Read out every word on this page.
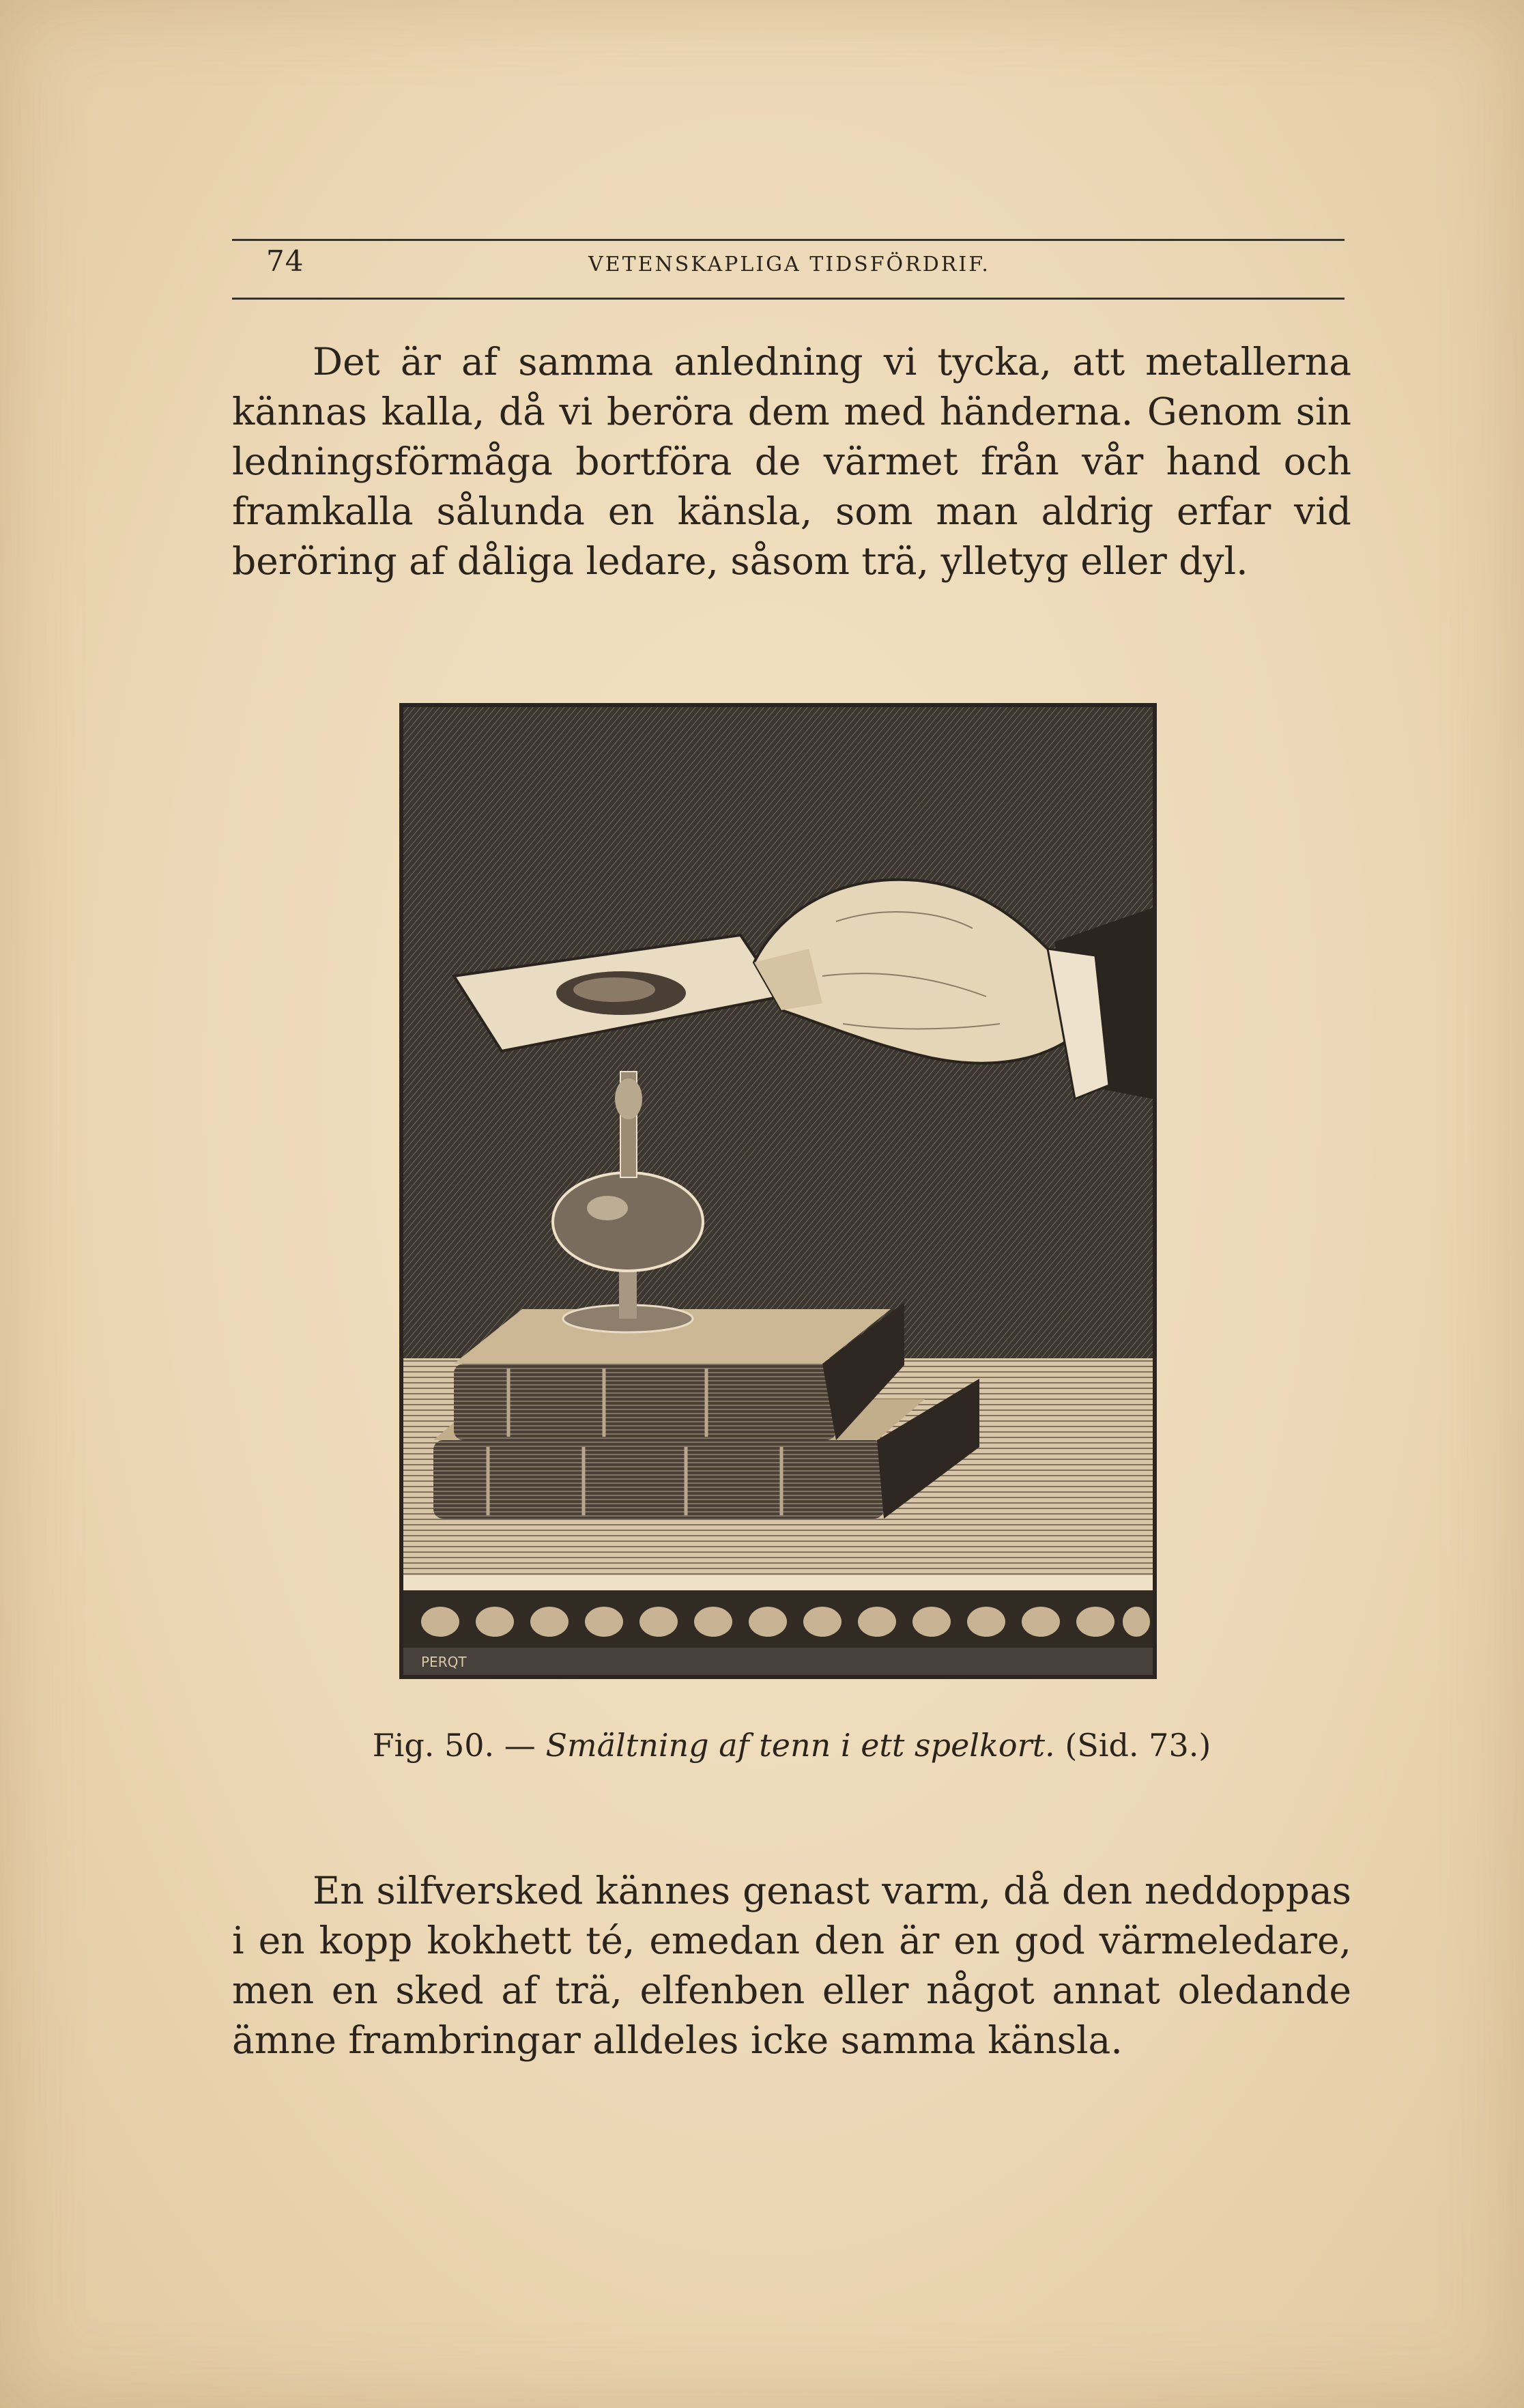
74	VETENSKAPLIGA TIDSFÖRDRIF.

Det är af samma anledning vi tycka, att metallerna kännas kalla, då vi beröra dem med händerna. Genom sin ledningsförmåga bortföra de värmet från vår hand och framkalla sålunda en känsla, som man aldrig erfar vid beröring af dåliga ledare, såsom trä, ylletyg eller dyl.

PERQT
Fig. 50. — Smältning af tenn i ett spelkort. (Sid. 73.)

En silfversked kännes genast varm, då den neddoppas i en kopp kokhett té, emedan den är en god värmeledare, men en sked af trä, elfenben eller något annat oledande ämne frambringar alldeles icke samma känsla.
